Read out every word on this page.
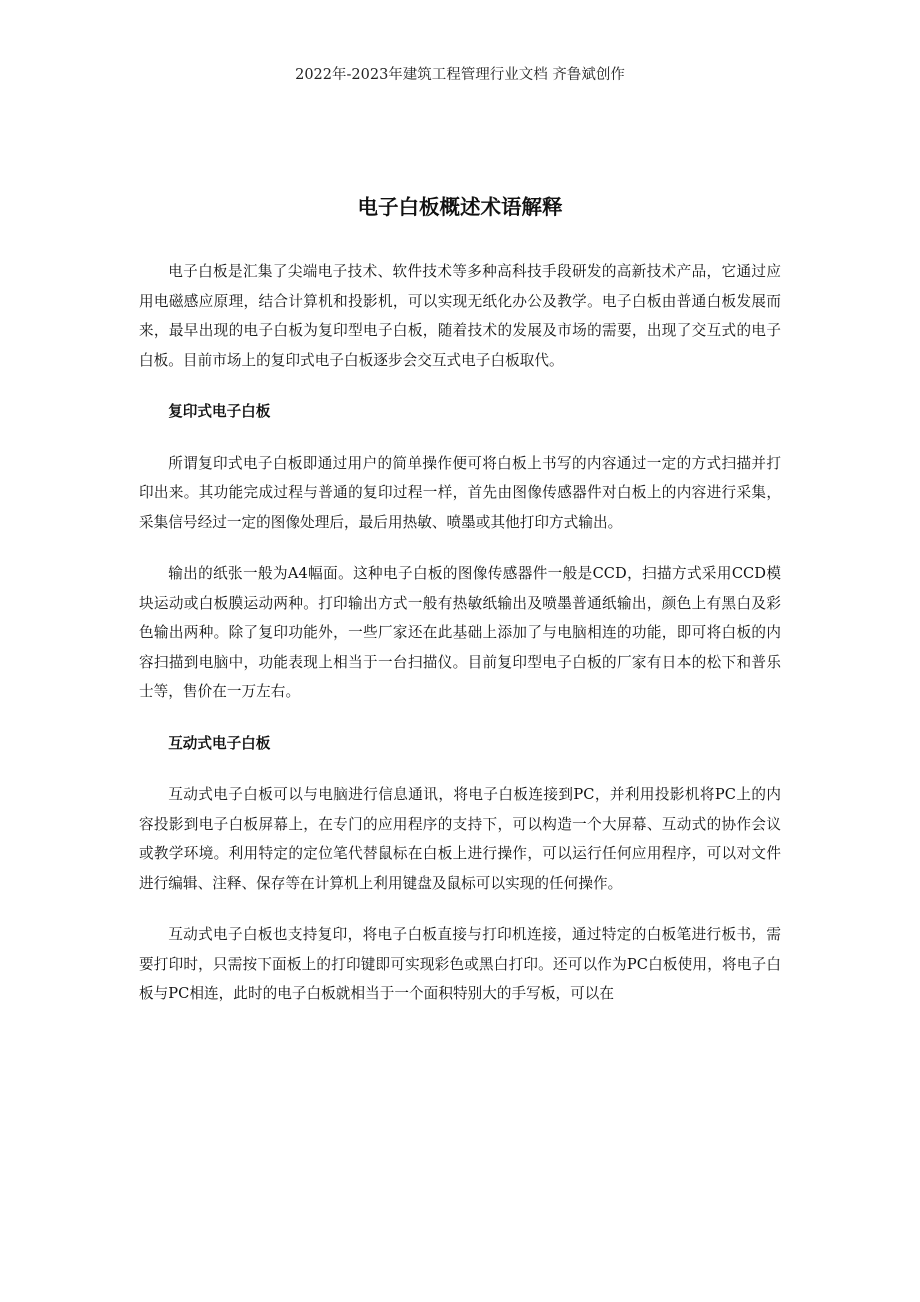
2022年-2023年建筑工程管理行业文档 齐鲁斌创作
电子白板概述术语解释

电子白板是汇集了尖端电子技术、软件技术等多种高科技手段研发的高新技术产品，它通过应用电磁感应原理，结合计算机和投影机，可以实现无纸化办公及教学。电子白板由普通白板发展而来，最早出现的电子白板为复印型电子白板，随着技术的发展及市场的需要，出现了交互式的电子白板。目前市场上的复印式电子白板逐步会交互式电子白板取代。

复印式电子白板

所谓复印式电子白板即通过用户的简单操作便可将白板上书写的内容通过一定的方式扫描并打印出来。其功能完成过程与普通的复印过程一样，首先由图像传感器件对白板上的内容进行采集，采集信号经过一定的图像处理后，最后用热敏、喷墨或其他打印方式输出。

输出的纸张一般为A4幅面。这种电子白板的图像传感器件一般是CCD，扫描方式采用CCD模块运动或白板膜运动两种。打印输出方式一般有热敏纸输出及喷墨普通纸输出，颜色上有黑白及彩色输出两种。除了复印功能外，一些厂家还在此基础上添加了与电脑相连的功能，即可将白板的内容扫描到电脑中，功能表现上相当于一台扫描仪。目前复印型电子白板的厂家有日本的松下和普乐士等，售价在一万左右。

互动式电子白板

互动式电子白板可以与电脑进行信息通讯，将电子白板连接到PC，并利用投影机将PC上的内容投影到电子白板屏幕上，在专门的应用程序的支持下，可以构造一个大屏幕、互动式的协作会议或教学环境。利用特定的定位笔代替鼠标在白板上进行操作，可以运行任何应用程序，可以对文件进行编辑、注释、保存等在计算机上利用键盘及鼠标可以实现的任何操作。

互动式电子白板也支持复印，将电子白板直接与打印机连接，通过特定的白板笔进行板书，需要打印时，只需按下面板上的打印键即可实现彩色或黑白打印。还可以作为PC白板使用，将电子白板与PC相连，此时的电子白板就相当于一个面积特别大的手写板，可以在
